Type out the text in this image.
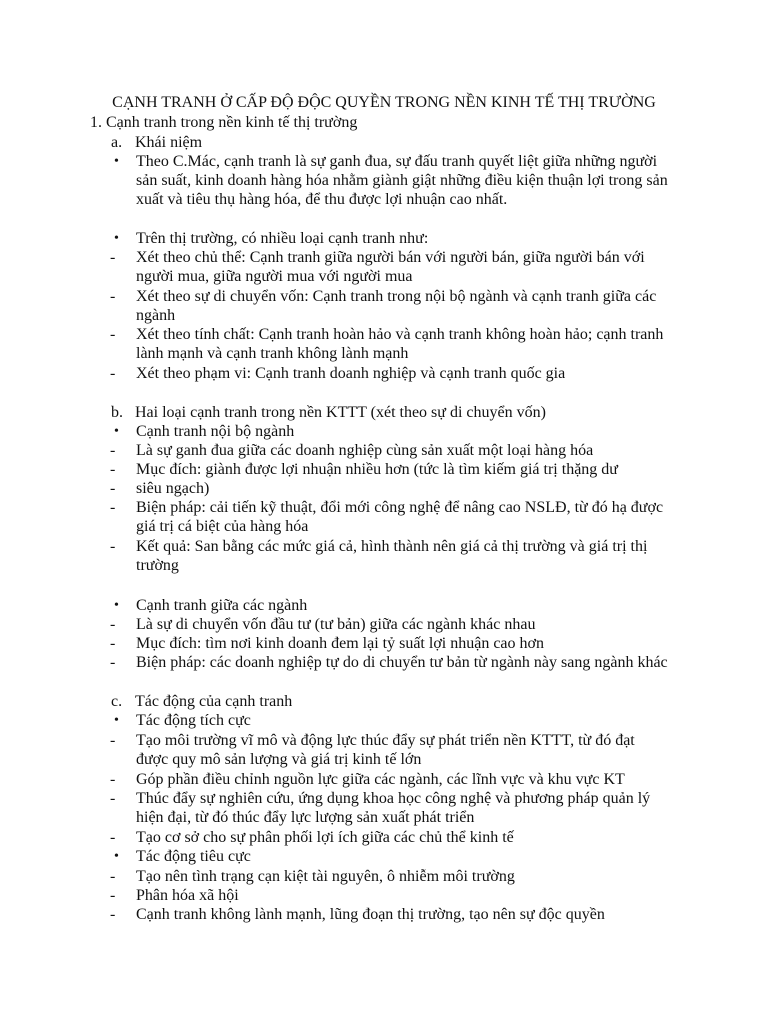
CẠNH TRANH Ở CẤP ĐỘ ĐỘC QUYỀN TRONG NỀN KINH TẾ THỊ TRƯỜNG
1. Cạnh tranh trong nền kinh tế thị trường
a. Khái niệm
•	Theo C.Mác, cạnh tranh là sự ganh đua, sự đấu tranh quyết liệt giữa những người
sản suất, kinh doanh hàng hóa nhằm giành giật những điều kiện thuận lợi trong sản
xuất và tiêu thụ hàng hóa, để thu được lợi nhuận cao nhất.
•	Trên thị trường, có nhiều loại cạnh tranh như:
-	Xét theo chủ thể: Cạnh tranh giữa người bán với người bán, giữa người bán với
người mua, giữa người mua với người mua
-	Xét theo sự di chuyển vốn: Cạnh tranh trong nội bộ ngành và cạnh tranh giữa các
ngành
-	Xét theo tính chất: Cạnh tranh hoàn hảo và cạnh tranh không hoàn hảo; cạnh tranh
lành mạnh và cạnh tranh không lành mạnh
-	Xét theo phạm vi: Cạnh tranh doanh nghiệp và cạnh tranh quốc gia
b. Hai loại cạnh tranh trong nền KTTT (xét theo sự di chuyển vốn)
•	Cạnh tranh nội bộ ngành
-	Là sự ganh đua giữa các doanh nghiệp cùng sản xuất một loại hàng hóa
-	Mục đích: giành được lợi nhuận nhiều hơn (tức là tìm kiếm giá trị thặng dư
-	siêu ngạch)
-	Biện pháp: cải tiến kỹ thuật, đổi mới công nghệ để nâng cao NSLĐ, từ đó hạ được
giá trị cá biệt của hàng hóa
-	Kết quả: San bằng các mức giá cả, hình thành nên giá cả thị trường và giá trị thị
trường
•	Cạnh tranh giữa các ngành
-	Là sự di chuyển vốn đầu tư (tư bản) giữa các ngành khác nhau
-	Mục đích: tìm nơi kinh doanh đem lại tỷ suất lợi nhuận cao hơn
-	Biện pháp: các doanh nghiệp tự do di chuyển tư bản từ ngành này sang ngành khác
c. Tác động của cạnh tranh
•	Tác động tích cực
-	Tạo môi trường vĩ mô và động lực thúc đẩy sự phát triển nền KTTT, từ đó đạt
được quy mô sản lượng và giá trị kinh tế lớn
-	Góp phần điều chỉnh nguồn lực giữa các ngành, các lĩnh vực và khu vực KT
-	Thúc đẩy sự nghiên cứu, ứng dụng khoa học công nghệ và phương pháp quản lý
hiện đại, từ đó thúc đẩy lực lượng sản xuất phát triển
-	Tạo cơ sở cho sự phân phối lợi ích giữa các chủ thể kinh tế
•	Tác động tiêu cực
-	Tạo nên tình trạng cạn kiệt tài nguyên, ô nhiễm môi trường
-	Phân hóa xã hội
-	Cạnh tranh không lành mạnh, lũng đoạn thị trường, tạo nên sự độc quyền
